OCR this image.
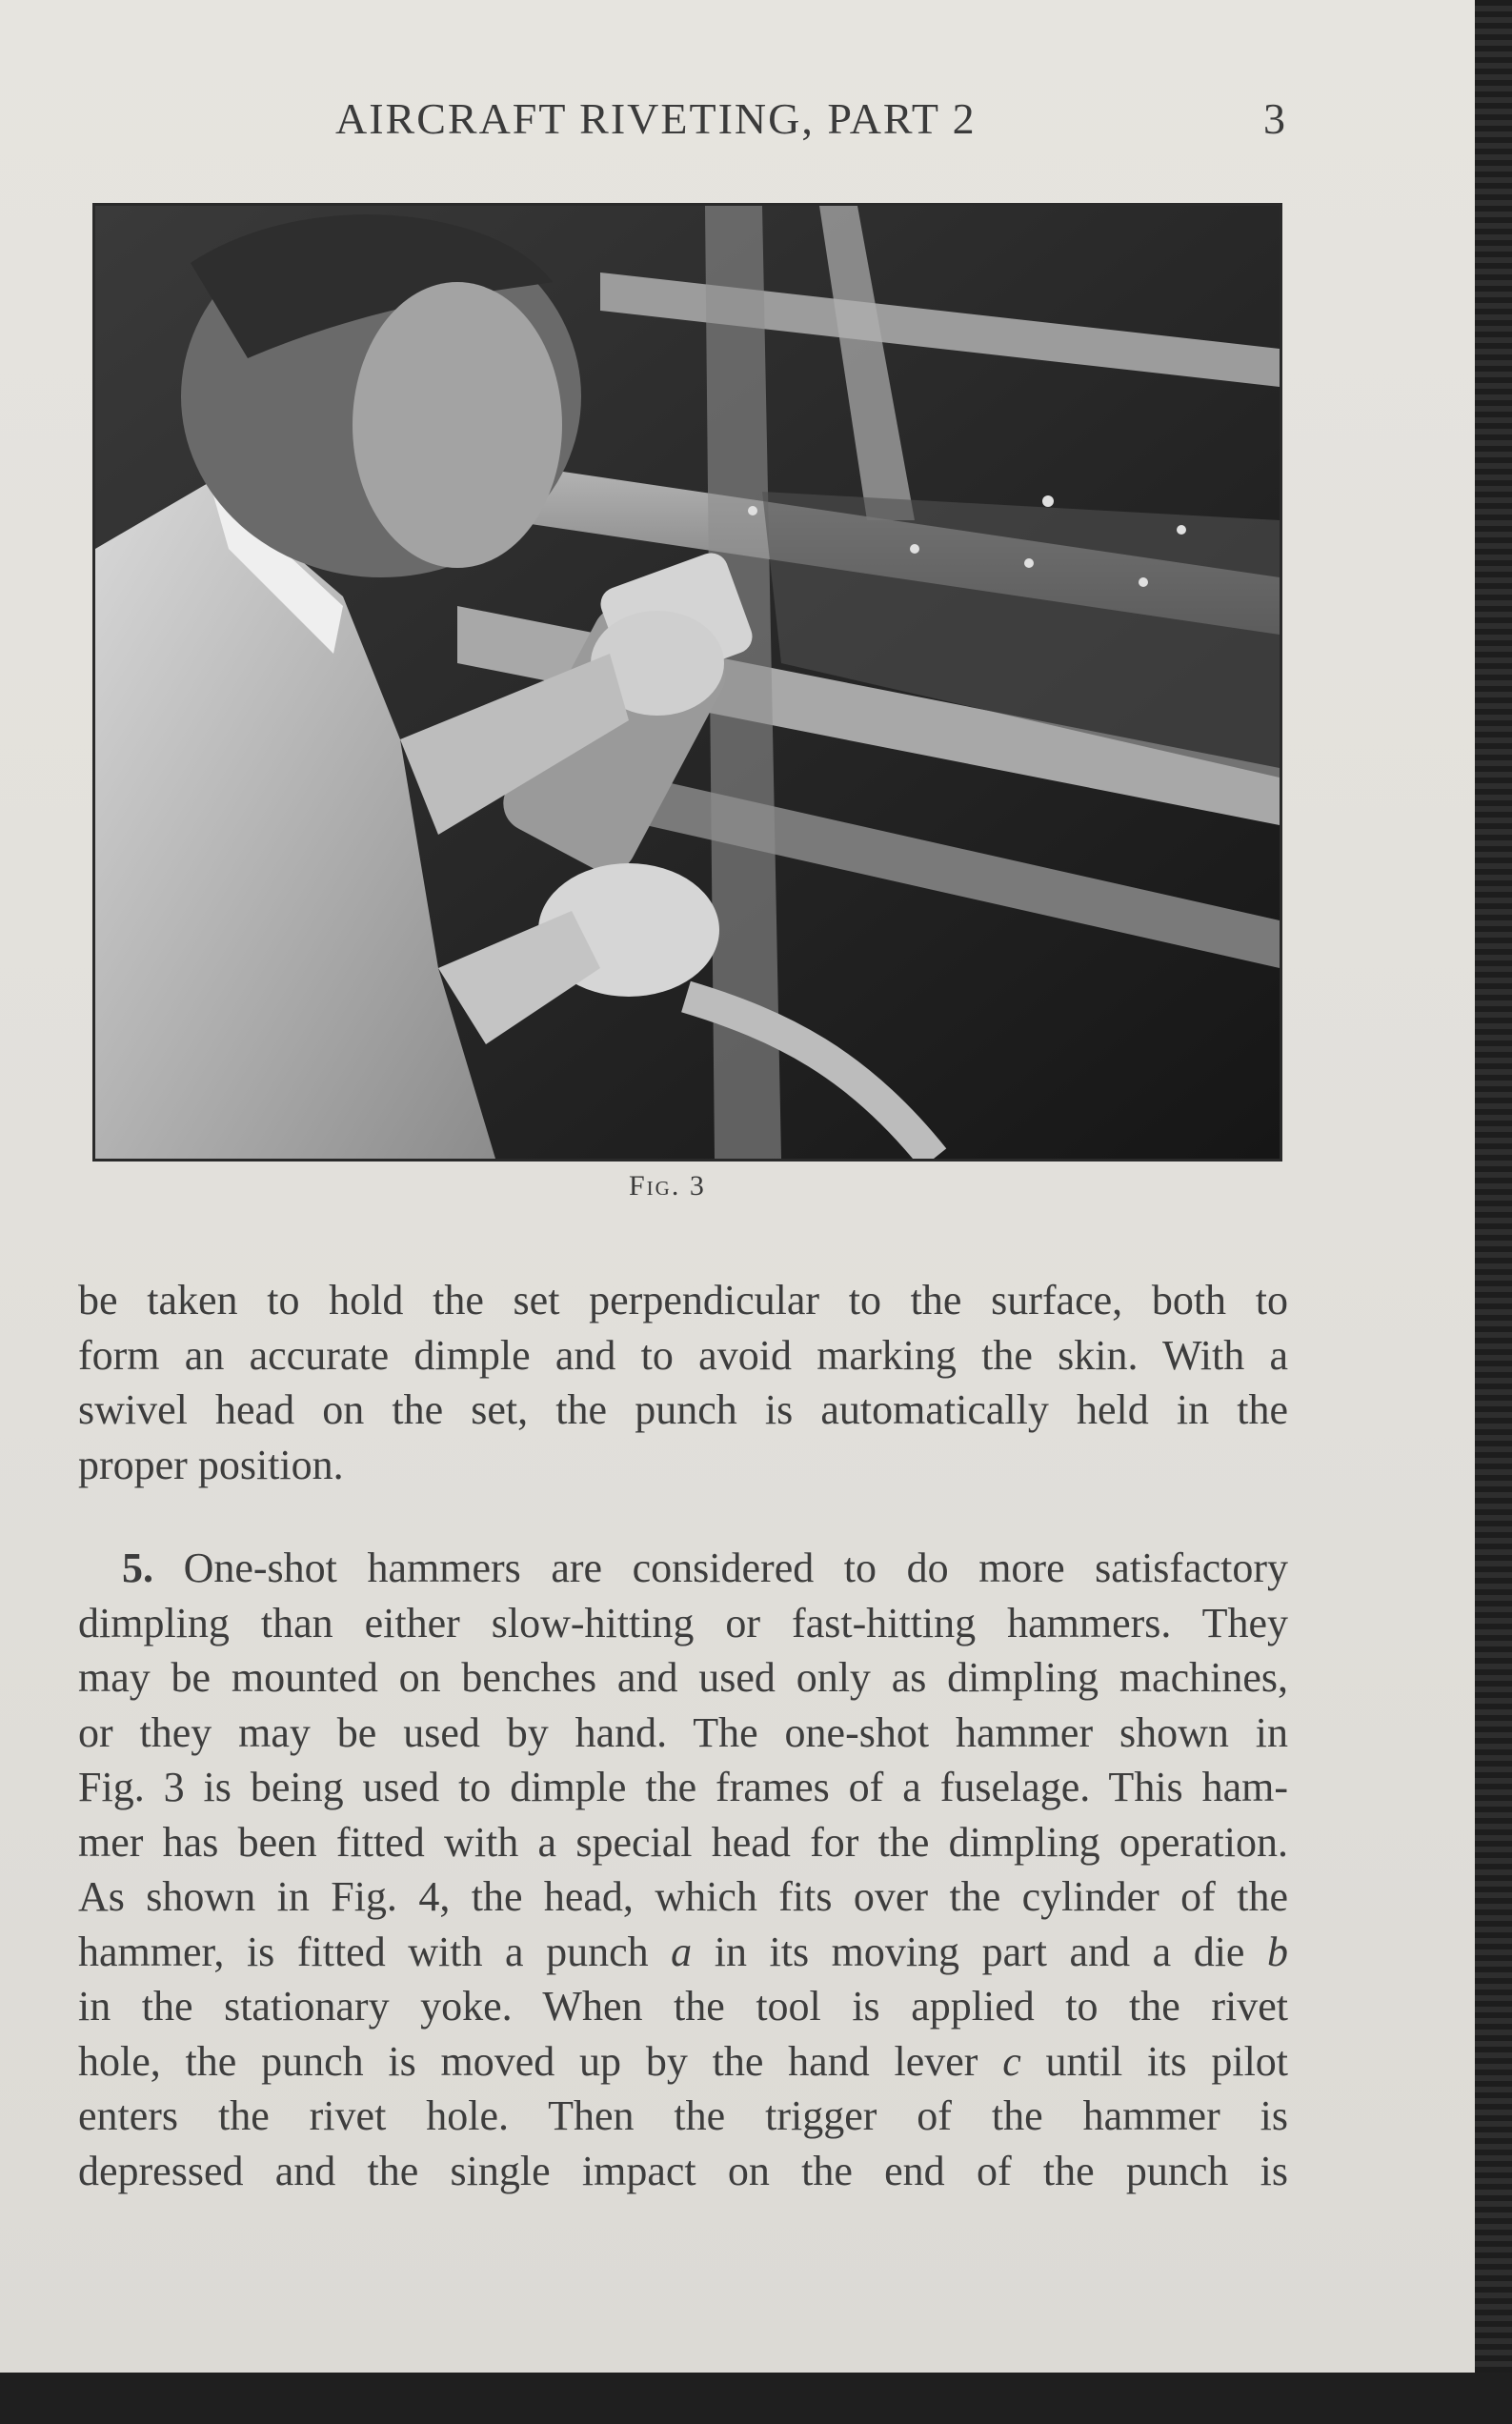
AIRCRAFT RIVETING, PART 2	3
Fig. 3
be taken to hold the set perpendicular to the surface, both to
form an accurate dimple and to avoid marking the skin. With a
swivel head on the set, the punch is automatically held in the
proper position.
5. One-shot hammers are considered to do more satisfactory
dimpling than either slow-hitting or fast-hitting hammers. They
may be mounted on benches and used only as dimpling machines,
or they may be used by hand. The one-shot hammer shown in
Fig. 3 is being used to dimple the frames of a fuselage. This ham-
mer has been fitted with a special head for the dimpling operation.
As shown in Fig. 4, the head, which fits over the cylinder of the
hammer, is fitted with a punch a in its moving part and a die b
in the stationary yoke. When the tool is applied to the rivet
hole, the punch is moved up by the hand lever c until its pilot
enters the rivet hole. Then the trigger of the hammer is
depressed and the single impact on the end of the punch is
